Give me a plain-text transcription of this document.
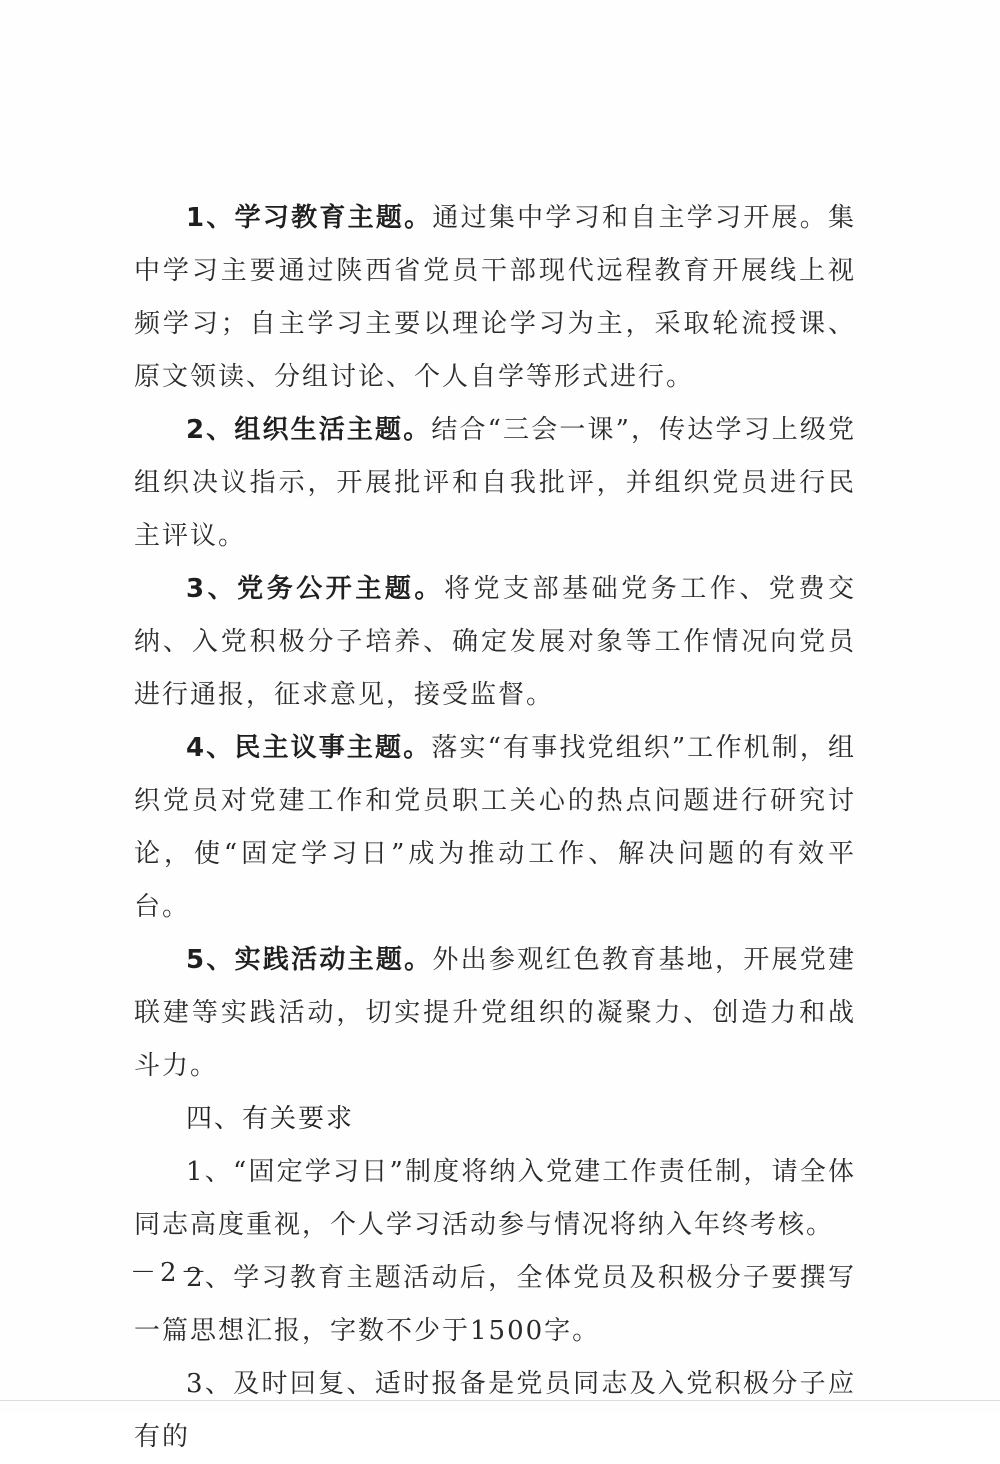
1、学习教育主题。通过集中学习和自主学习开展。集中学习主要通过陕西省党员干部现代远程教育开展线上视频学习；自主学习主要以理论学习为主，采取轮流授课、原文领读、分组讨论、个人自学等形式进行。

2、组织生活主题。结合“三会一课”，传达学习上级党组织决议指示，开展批评和自我批评，并组织党员进行民主评议。

3、党务公开主题。将党支部基础党务工作、党费交纳、入党积极分子培养、确定发展对象等工作情况向党员进行通报，征求意见，接受监督。

4、民主议事主题。落实“有事找党组织”工作机制，组织党员对党建工作和党员职工关心的热点问题进行研究讨论，使“固定学习日”成为推动工作、解决问题的有效平台。

5、实践活动主题。外出参观红色教育基地，开展党建联建等实践活动，切实提升党组织的凝聚力、创造力和战斗力。

四、有关要求

1、“固定学习日”制度将纳入党建工作责任制，请全体同志高度重视，个人学习活动参与情况将纳入年终考核。

2、学习教育主题活动后，全体党员及积极分子要撰写一篇思想汇报，字数不少于1500字。

3、及时回复、适时报备是党员同志及入党积极分子应有的

－2－
